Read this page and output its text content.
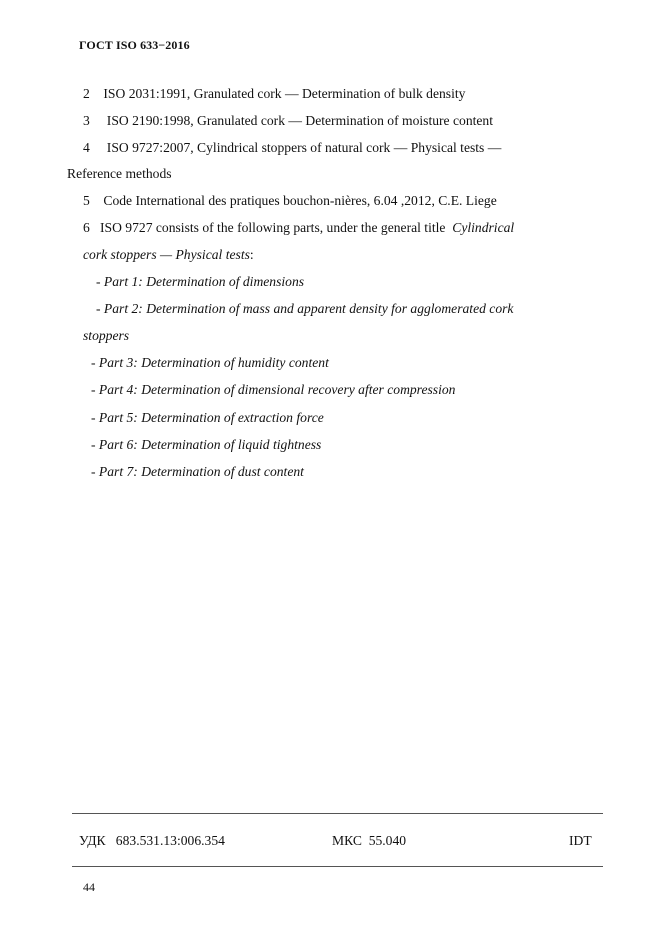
ГОСТ ISO 633−2016
2 ISO 2031:1991, Granulated cork — Determination of bulk density
3 ISO 2190:1998, Granulated cork — Determination of moisture content
4 ISO 9727:2007, Cylindrical stoppers of natural cork — Physical tests —
Reference methods
5 Code International des pratiques bouchon-nières, 6.04 ,2012, C.E. Liege
6 ISO 9727 consists of the following parts, under the general title Cylindrical
cork stoppers — Physical tests:
- Part 1: Determination of dimensions
- Part 2: Determination of mass and apparent density for agglomerated cork
stoppers
- Part 3: Determination of humidity content
- Part 4: Determination of dimensional recovery after compression
- Part 5: Determination of extraction force
- Part 6: Determination of liquid tightness
- Part 7: Determination of dust content
УДК 683.531.13:006.354	МКС 55.040	IDT
44
